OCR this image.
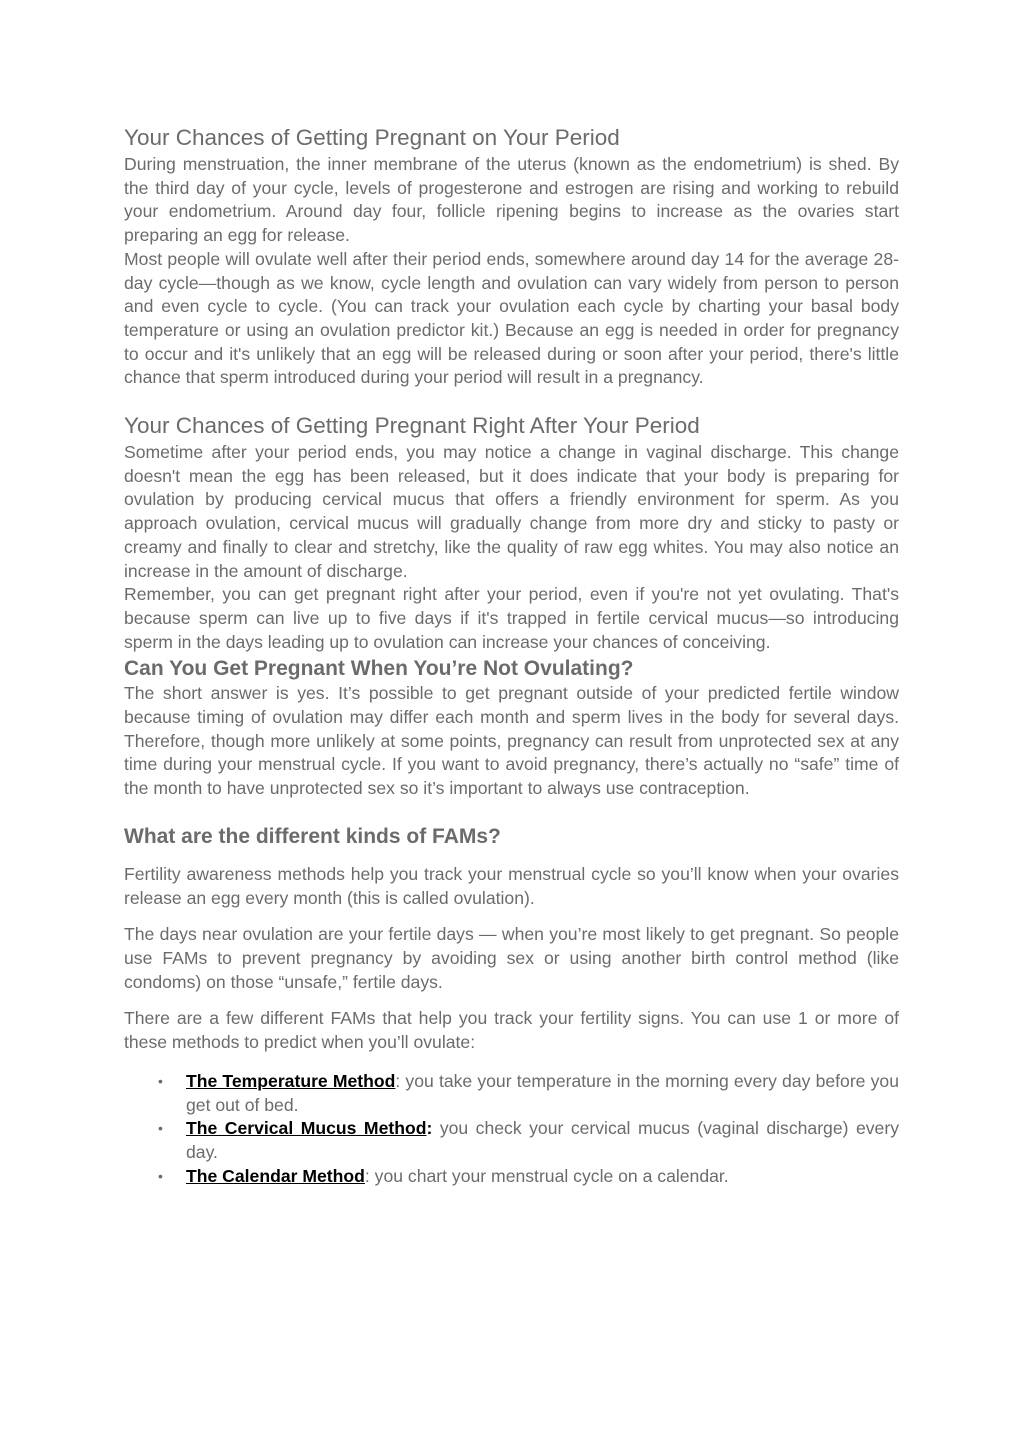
Your Chances of Getting Pregnant on Your Period

During menstruation, the inner membrane of the uterus (known as the endometrium) is shed. By the third day of your cycle, levels of progesterone and estrogen are rising and working to rebuild your endometrium. Around day four, follicle ripening begins to increase as the ovaries start preparing an egg for release.

Most people will ovulate well after their period ends, somewhere around day 14 for the average 28-day cycle—though as we know, cycle length and ovulation can vary widely from person to person and even cycle to cycle. (You can track your ovulation each cycle by charting your basal body temperature or using an ovulation predictor kit.) Because an egg is needed in order for pregnancy to occur and it's unlikely that an egg will be released during or soon after your period, there's little chance that sperm introduced during your period will result in a pregnancy.

Your Chances of Getting Pregnant Right After Your Period

Sometime after your period ends, you may notice a change in vaginal discharge. This change doesn't mean the egg has been released, but it does indicate that your body is preparing for ovulation by producing cervical mucus that offers a friendly environment for sperm. As you approach ovulation, cervical mucus will gradually change from more dry and sticky to pasty or creamy and finally to clear and stretchy, like the quality of raw egg whites. You may also notice an increase in the amount of discharge.

Remember, you can get pregnant right after your period, even if you're not yet ovulating. That's because sperm can live up to five days if it's trapped in fertile cervical mucus—so introducing sperm in the days leading up to ovulation can increase your chances of conceiving.

Can You Get Pregnant When You’re Not Ovulating?

The short answer is yes. It’s possible to get pregnant outside of your predicted fertile window because timing of ovulation may differ each month and sperm lives in the body for several days. Therefore, though more unlikely at some points, pregnancy can result from unprotected sex at any time during your menstrual cycle. If you want to avoid pregnancy, there’s actually no “safe” time of the month to have unprotected sex so it’s important to always use contraception.

What are the different kinds of FAMs?

Fertility awareness methods help you track your menstrual cycle so you’ll know when your ovaries release an egg every month (this is called ovulation).

The days near ovulation are your fertile days — when you’re most likely to get pregnant. So people use FAMs to prevent pregnancy by avoiding sex or using another birth control method (like condoms) on those “unsafe,” fertile days.

There are a few different FAMs that help you track your fertility signs. You can use 1 or more of these methods to predict when you’ll ovulate:

• The Temperature Method: you take your temperature in the morning every day before you get out of bed.
• The Cervical Mucus Method: you check your cervical mucus (vaginal discharge) every day.
• The Calendar Method: you chart your menstrual cycle on a calendar.
